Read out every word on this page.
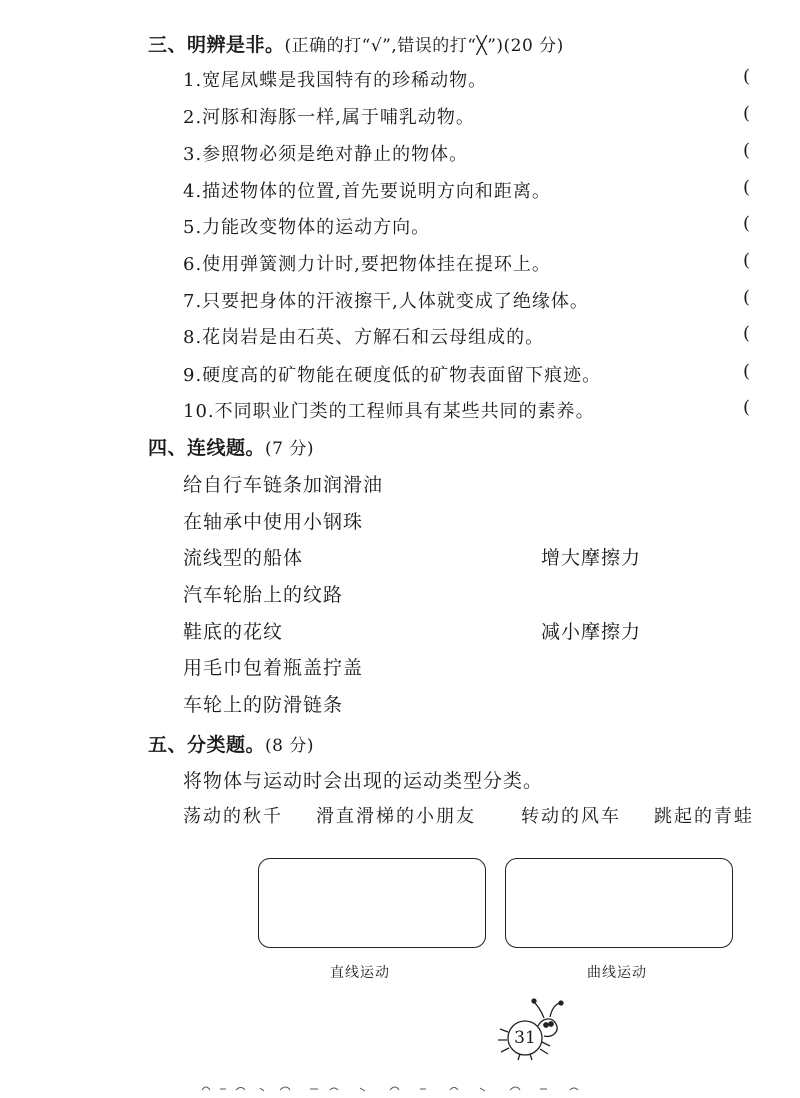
三、明辨是非。(正确的打“√”,错误的打“╳”)(20 分)
1.宽尾凤蝶是我国特有的珍稀动物。	(
2.河豚和海豚一样,属于哺乳动物。	(
3.参照物必须是绝对静止的物体。	(
4.描述物体的位置,首先要说明方向和距离。	(
5.力能改变物体的运动方向。	(
6.使用弹簧测力计时,要把物体挂在提环上。	(
7.只要把身体的汗液擦干,人体就变成了绝缘体。	(
8.花岗岩是由石英、方解石和云母组成的。	(
9.硬度高的矿物能在硬度低的矿物表面留下痕迹。	(
10.不同职业门类的工程师具有某些共同的素养。	(
四、连线题。(7 分)
给自行车链条加润滑油
在轴承中使用小钢珠
流线型的船体
汽车轮胎上的纹路
鞋底的花纹
用毛巾包着瓶盖拧盖
车轮上的防滑链条
增大摩擦力
减小摩擦力
五、分类题。(8 分)
将物体与运动时会出现的运动类型分类。
荡动的秋千 滑直滑梯的小朋友	转动的风车 跳起的青蛙
直线运动	曲线运动
31
